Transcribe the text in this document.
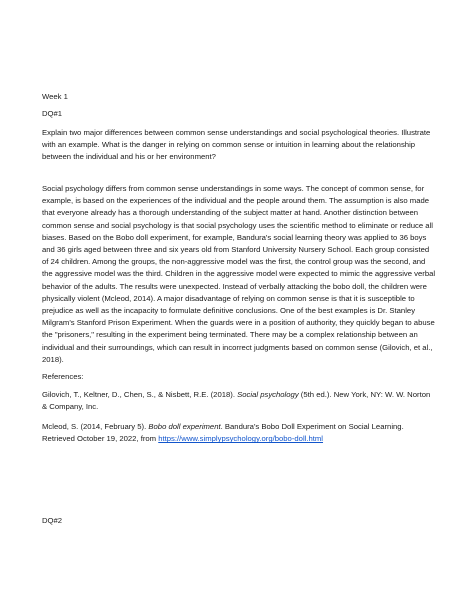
Week 1

DQ#1

Explain two major differences between common sense understandings and social psychological theories. Illustrate with an example. What is the danger in relying on common sense or intuition in learning about the relationship between the individual and his or her environment?

Social psychology differs from common sense understandings in some ways. The concept of common sense, for example, is based on the experiences of the individual and the people around them. The assumption is also made that everyone already has a thorough understanding of the subject matter at hand. Another distinction between common sense and social psychology is that social psychology uses the scientific method to eliminate or reduce all biases. Based on the Bobo doll experiment, for example, Bandura's social learning theory was applied to 36 boys and 36 girls aged between three and six years old from Stanford University Nursery School. Each group consisted of 24 children. Among the groups, the non-aggressive model was the first, the control group was the second, and the aggressive model was the third. Children in the aggressive model were expected to mimic the aggressive verbal behavior of the adults. The results were unexpected. Instead of verbally attacking the bobo doll, the children were physically violent (Mcleod, 2014). A major disadvantage of relying on common sense is that it is susceptible to prejudice as well as the incapacity to formulate definitive conclusions. One of the best examples is Dr. Stanley Milgram's Stanford Prison Experiment. When the guards were in a position of authority, they quickly began to abuse the "prisoners," resulting in the experiment being terminated. There may be a complex relationship between an individual and their surroundings, which can result in incorrect judgments based on common sense (Gilovich, et al., 2018).

References:

Gilovich, T., Keltner, D., Chen, S., & Nisbett, R.E. (2018). Social psychology (5th ed.). New York, NY: W. W. Norton & Company, Inc.

Mcleod, S. (2014, February 5). Bobo doll experiment. Bandura's Bobo Doll Experiment on Social Learning. Retrieved October 19, 2022, from https://www.simplypsychology.org/bobo-doll.html

DQ#2
